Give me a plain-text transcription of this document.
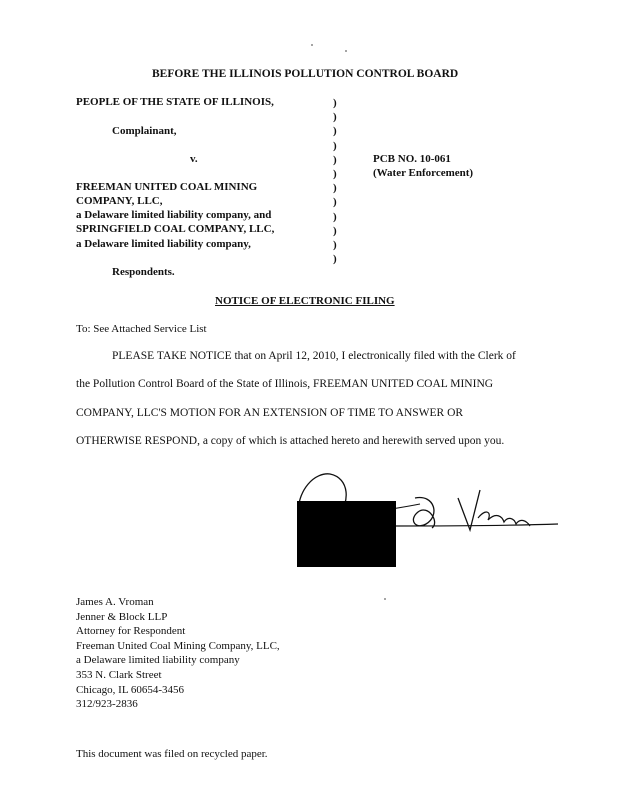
BEFORE THE ILLINOIS POLLUTION CONTROL BOARD
PEOPLE OF THE STATE OF ILLINOIS,
Complainant,
v.
FREEMAN UNITED COAL MINING
COMPANY, LLC,
a Delaware limited liability company, and
SPRINGFIELD COAL COMPANY, LLC,
a Delaware limited liability company,
Respondents.
)
)
)
)
)
)
)
)
)
)
)
)
PCB NO. 10-061
(Water Enforcement)
NOTICE OF ELECTRONIC FILING
To: See Attached Service List
PLEASE TAKE NOTICE that on April 12, 2010, I electronically filed with the Clerk of
the Pollution Control Board of the State of Illinois, FREEMAN UNITED COAL MINING
COMPANY, LLC'S MOTION FOR AN EXTENSION OF TIME TO ANSWER OR
OTHERWISE RESPOND, a copy of which is attached hereto and herewith served upon you.
James A. Vroman
Jenner & Block LLP
Attorney for Respondent
Freeman United Coal Mining Company, LLC,
a Delaware limited liability company
353 N. Clark Street
Chicago, IL 60654-3456
312/923-2836
This document was filed on recycled paper.
